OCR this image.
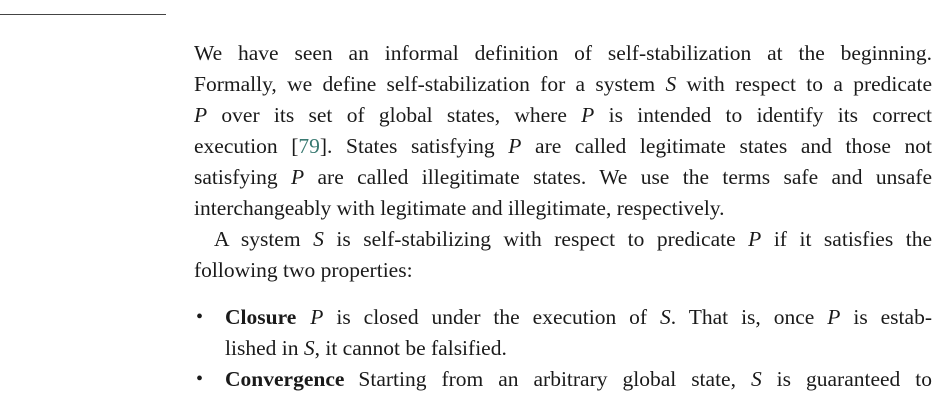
We have seen an informal definition of self-stabilization at the beginning.
Formally, we define self-stabilization for a system S with respect to a predicate
P over its set of global states, where P is intended to identify its correct
execution [79]. States satisfying P are called legitimate states and those not
satisfying P are called illegitimate states. We use the terms safe and unsafe
interchangeably with legitimate and illegitimate, respectively.
A system S is self-stabilizing with respect to predicate P if it satisfies the
following two properties:
• Closure P is closed under the execution of S. That is, once P is estab-
lished in S, it cannot be falsified.
• Convergence Starting from an arbitrary global state, S is guaranteed to
